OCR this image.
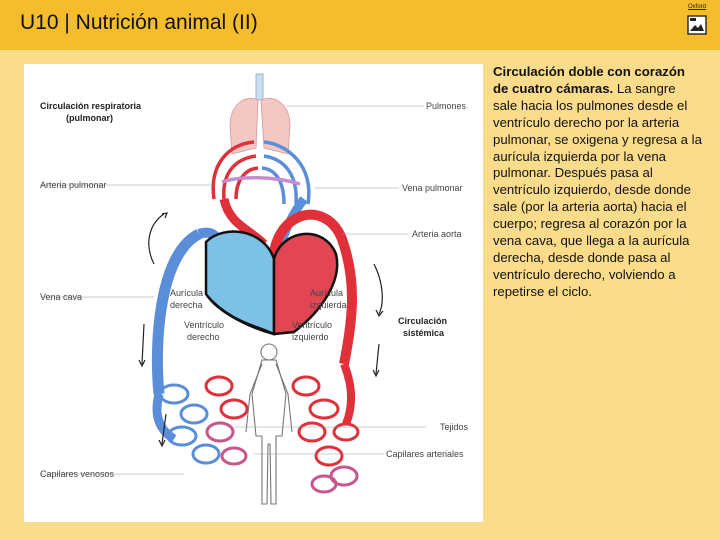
U10 | Nutrición animal (II)
Oxford
Circulación respiratoria
(pulmonar)
Pulmones
Arteria pulmonar	Vena pulmonar
Arteria aorta
Vena cava	Aurícula
derecha
Aurícula
izquierda
Ventrículo
derecho
Ventrículo
izquierdo
Circulación
sistémica
Tejidos
Capilares arteriales
Capilares venosos
Circulación doble con corazón de cuatro cámaras. La sangre sale hacia los pulmones desde el ventrículo derecho por la arteria pulmonar, se oxigena y regresa a la aurícula izquierda por la vena pulmonar. Después pasa al ventrículo izquierdo, desde donde sale (por la arteria aorta) hacia el cuerpo; regresa al corazón por la vena cava, que llega a la aurícula derecha, desde donde pasa al ventrículo derecho, volviendo a repetirse el ciclo.
